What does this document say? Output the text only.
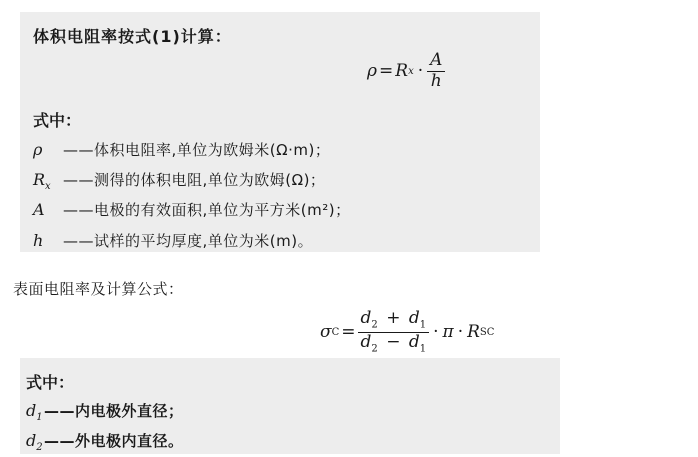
体积电阻率按式(1)计算：
ρ = R $x \cdot \frac{A}{h}$
式中：
ρ	——体积电阻率,单位为欧姆米(Ω·m)；
$R_x$ ——测得的体积电阻,单位为欧姆(Ω)；
A	——电极的有效面积,单位为平方米(m²)；
h	——试样的平均厚度,单位为米(m)。
表面电阻率及计算公式：
σ $C = \frac{d_2 + d_1}{d_2 - d_1} \cdot \pi \cdot R$ SC
式中：
$d_1$ ——内电极外直径；
$d_2$ ——外电极内直径。
